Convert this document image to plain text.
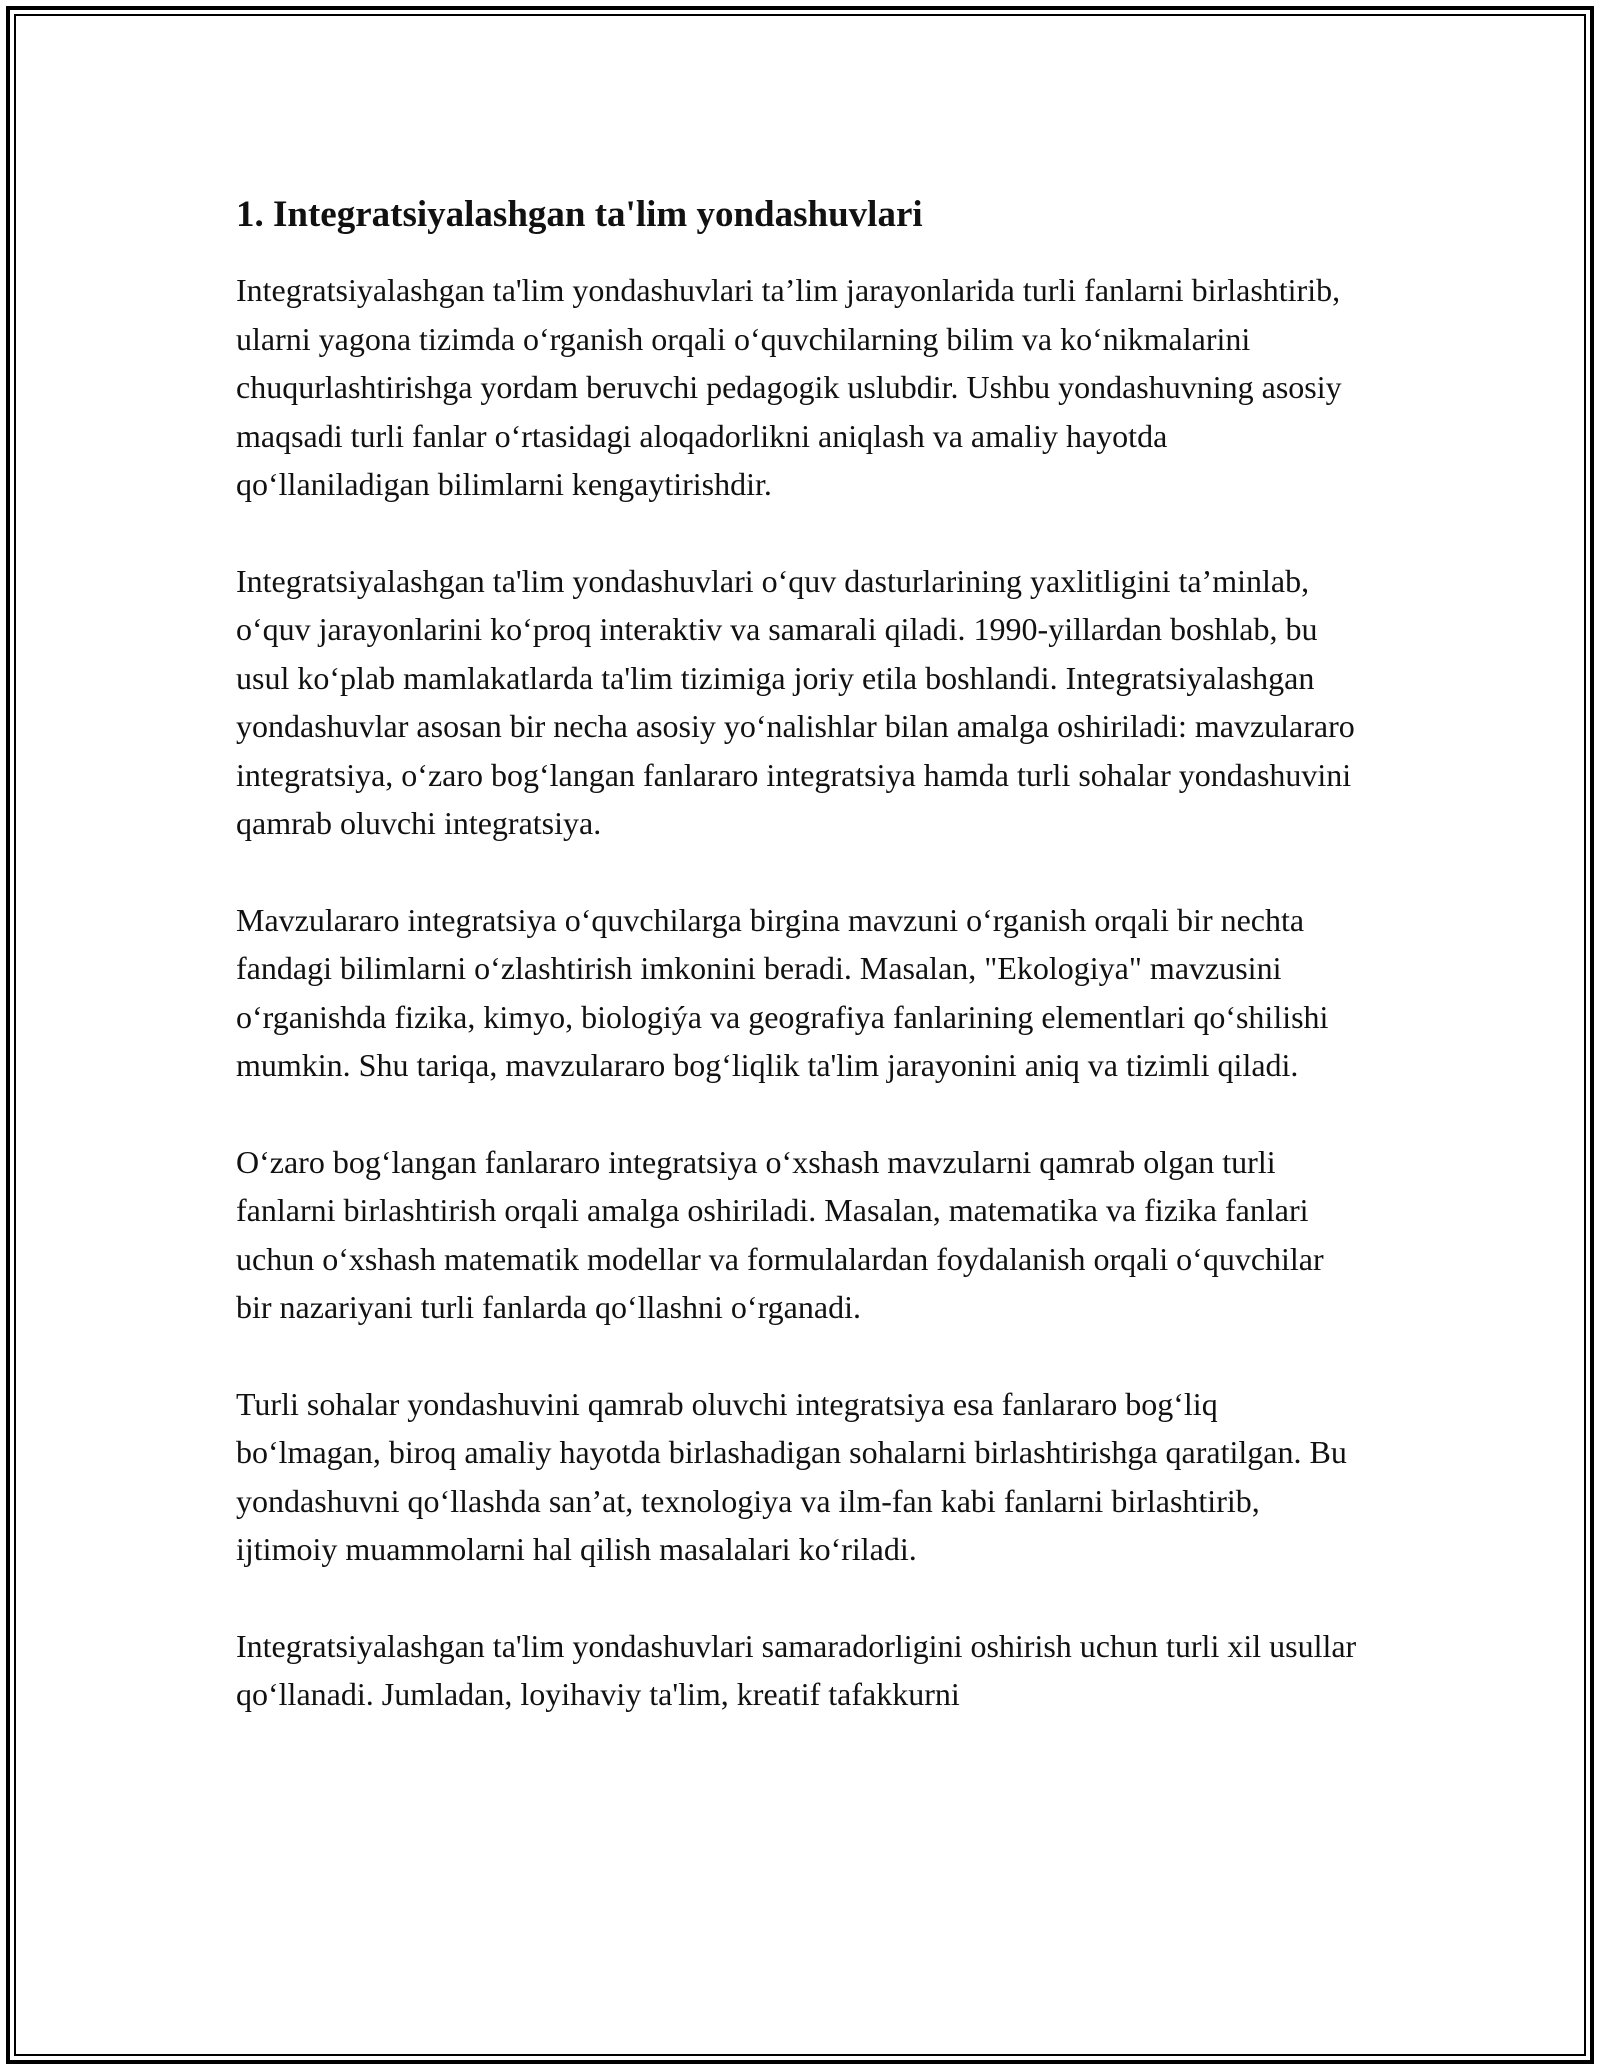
1. Integratsiyalashgan ta'lim yondashuvlari

Integratsiyalashgan ta'lim yondashuvlari ta’lim jarayonlarida turli fanlarni birlashtirib, ularni yagona tizimda oʻrganish orqali oʻquvchilarning bilim va koʻnikmalarini chuqurlashtirishga yordam beruvchi pedagogik uslubdir. Ushbu yondashuvning asosiy maqsadi turli fanlar oʻrtasidagi aloqadorlikni aniqlash va amaliy hayotda qoʻllaniladigan bilimlarni kengaytirishdir.

Integratsiyalashgan ta'lim yondashuvlari oʻquv dasturlarining yaxlitligini ta’minlab, oʻquv jarayonlarini koʻproq interaktiv va samarali qiladi. 1990-yillardan boshlab, bu usul koʻplab mamlakatlarda ta'lim tizimiga joriy etila boshlandi. Integratsiyalashgan yondashuvlar asosan bir necha asosiy yoʻnalishlar bilan amalga oshiriladi: mavzulararo integratsiya, oʻzaro bogʻlangan fanlararo integratsiya hamda turli sohalar yondashuvini qamrab oluvchi integratsiya.

Mavzulararo integratsiya oʻquvchilarga birgina mavzuni oʻrganish orqali bir nechta fandagi bilimlarni oʻzlashtirish imkonini beradi. Masalan, "Ekologiya" mavzusini oʻrganishda fizika, kimyo, biologiýa va geografiya fanlarining elementlari qoʻshilishi mumkin. Shu tariqa, mavzulararo bogʻliqlik ta'lim jarayonini aniq va tizimli qiladi.

Oʻzaro bogʻlangan fanlararo integratsiya oʻxshash mavzularni qamrab olgan turli fanlarni birlashtirish orqali amalga oshiriladi. Masalan, matematika va fizika fanlari uchun oʻxshash matematik modellar va formulalardan foydalanish orqali oʻquvchilar bir nazariyani turli fanlarda qoʻllashni oʻrganadi.

Turli sohalar yondashuvini qamrab oluvchi integratsiya esa fanlararo bogʻliq boʻlmagan, biroq amaliy hayotda birlashadigan sohalarni birlashtirishga qaratilgan. Bu yondashuvni qoʻllashda san’at, texnologiya va ilm-fan kabi fanlarni birlashtirib, ijtimoiy muammolarni hal qilish masalalari koʻriladi.

Integratsiyalashgan ta'lim yondashuvlari samaradorligini oshirish uchun turli xil usullar qoʻllanadi. Jumladan, loyihaviy ta'lim, kreatif tafakkurni
